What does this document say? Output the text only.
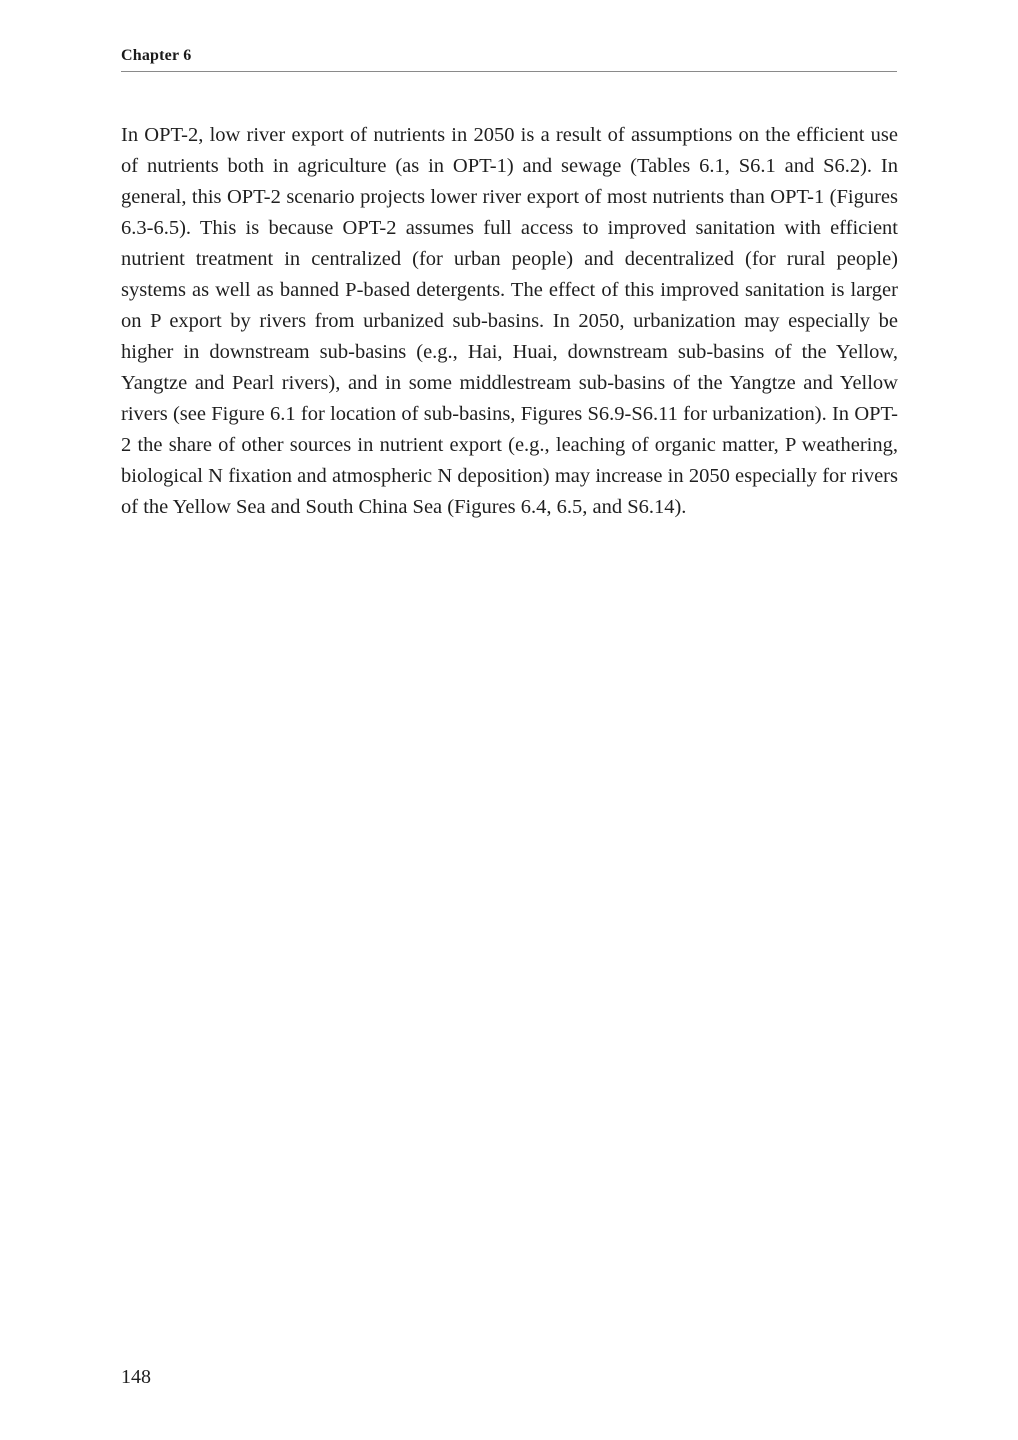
Chapter 6

In OPT-2, low river export of nutrients in 2050 is a result of assumptions on the efficient use of nutrients both in agriculture (as in OPT-1) and sewage (Tables 6.1, S6.1 and S6.2). In general, this OPT-2 scenario projects lower river export of most nutrients than OPT-1 (Figures 6.3-6.5). This is because OPT-2 assumes full access to improved sanitation with efficient nutrient treatment in centralized (for urban people) and decentralized (for rural people) systems as well as banned P-based detergents. The effect of this improved sanitation is larger on P export by rivers from urbanized sub-basins. In 2050, urbanization may especially be higher in downstream sub-basins (e.g., Hai, Huai, downstream sub-basins of the Yellow, Yangtze and Pearl rivers), and in some middlestream sub-basins of the Yangtze and Yellow rivers (see Figure 6.1 for location of sub-basins, Figures S6.9-S6.11 for urbanization). In OPT-2 the share of other sources in nutrient export (e.g., leaching of organic matter, P weathering, biological N fixation and atmospheric N deposition) may increase in 2050 especially for rivers of the Yellow Sea and South China Sea (Figures 6.4, 6.5, and S6.14).

148
